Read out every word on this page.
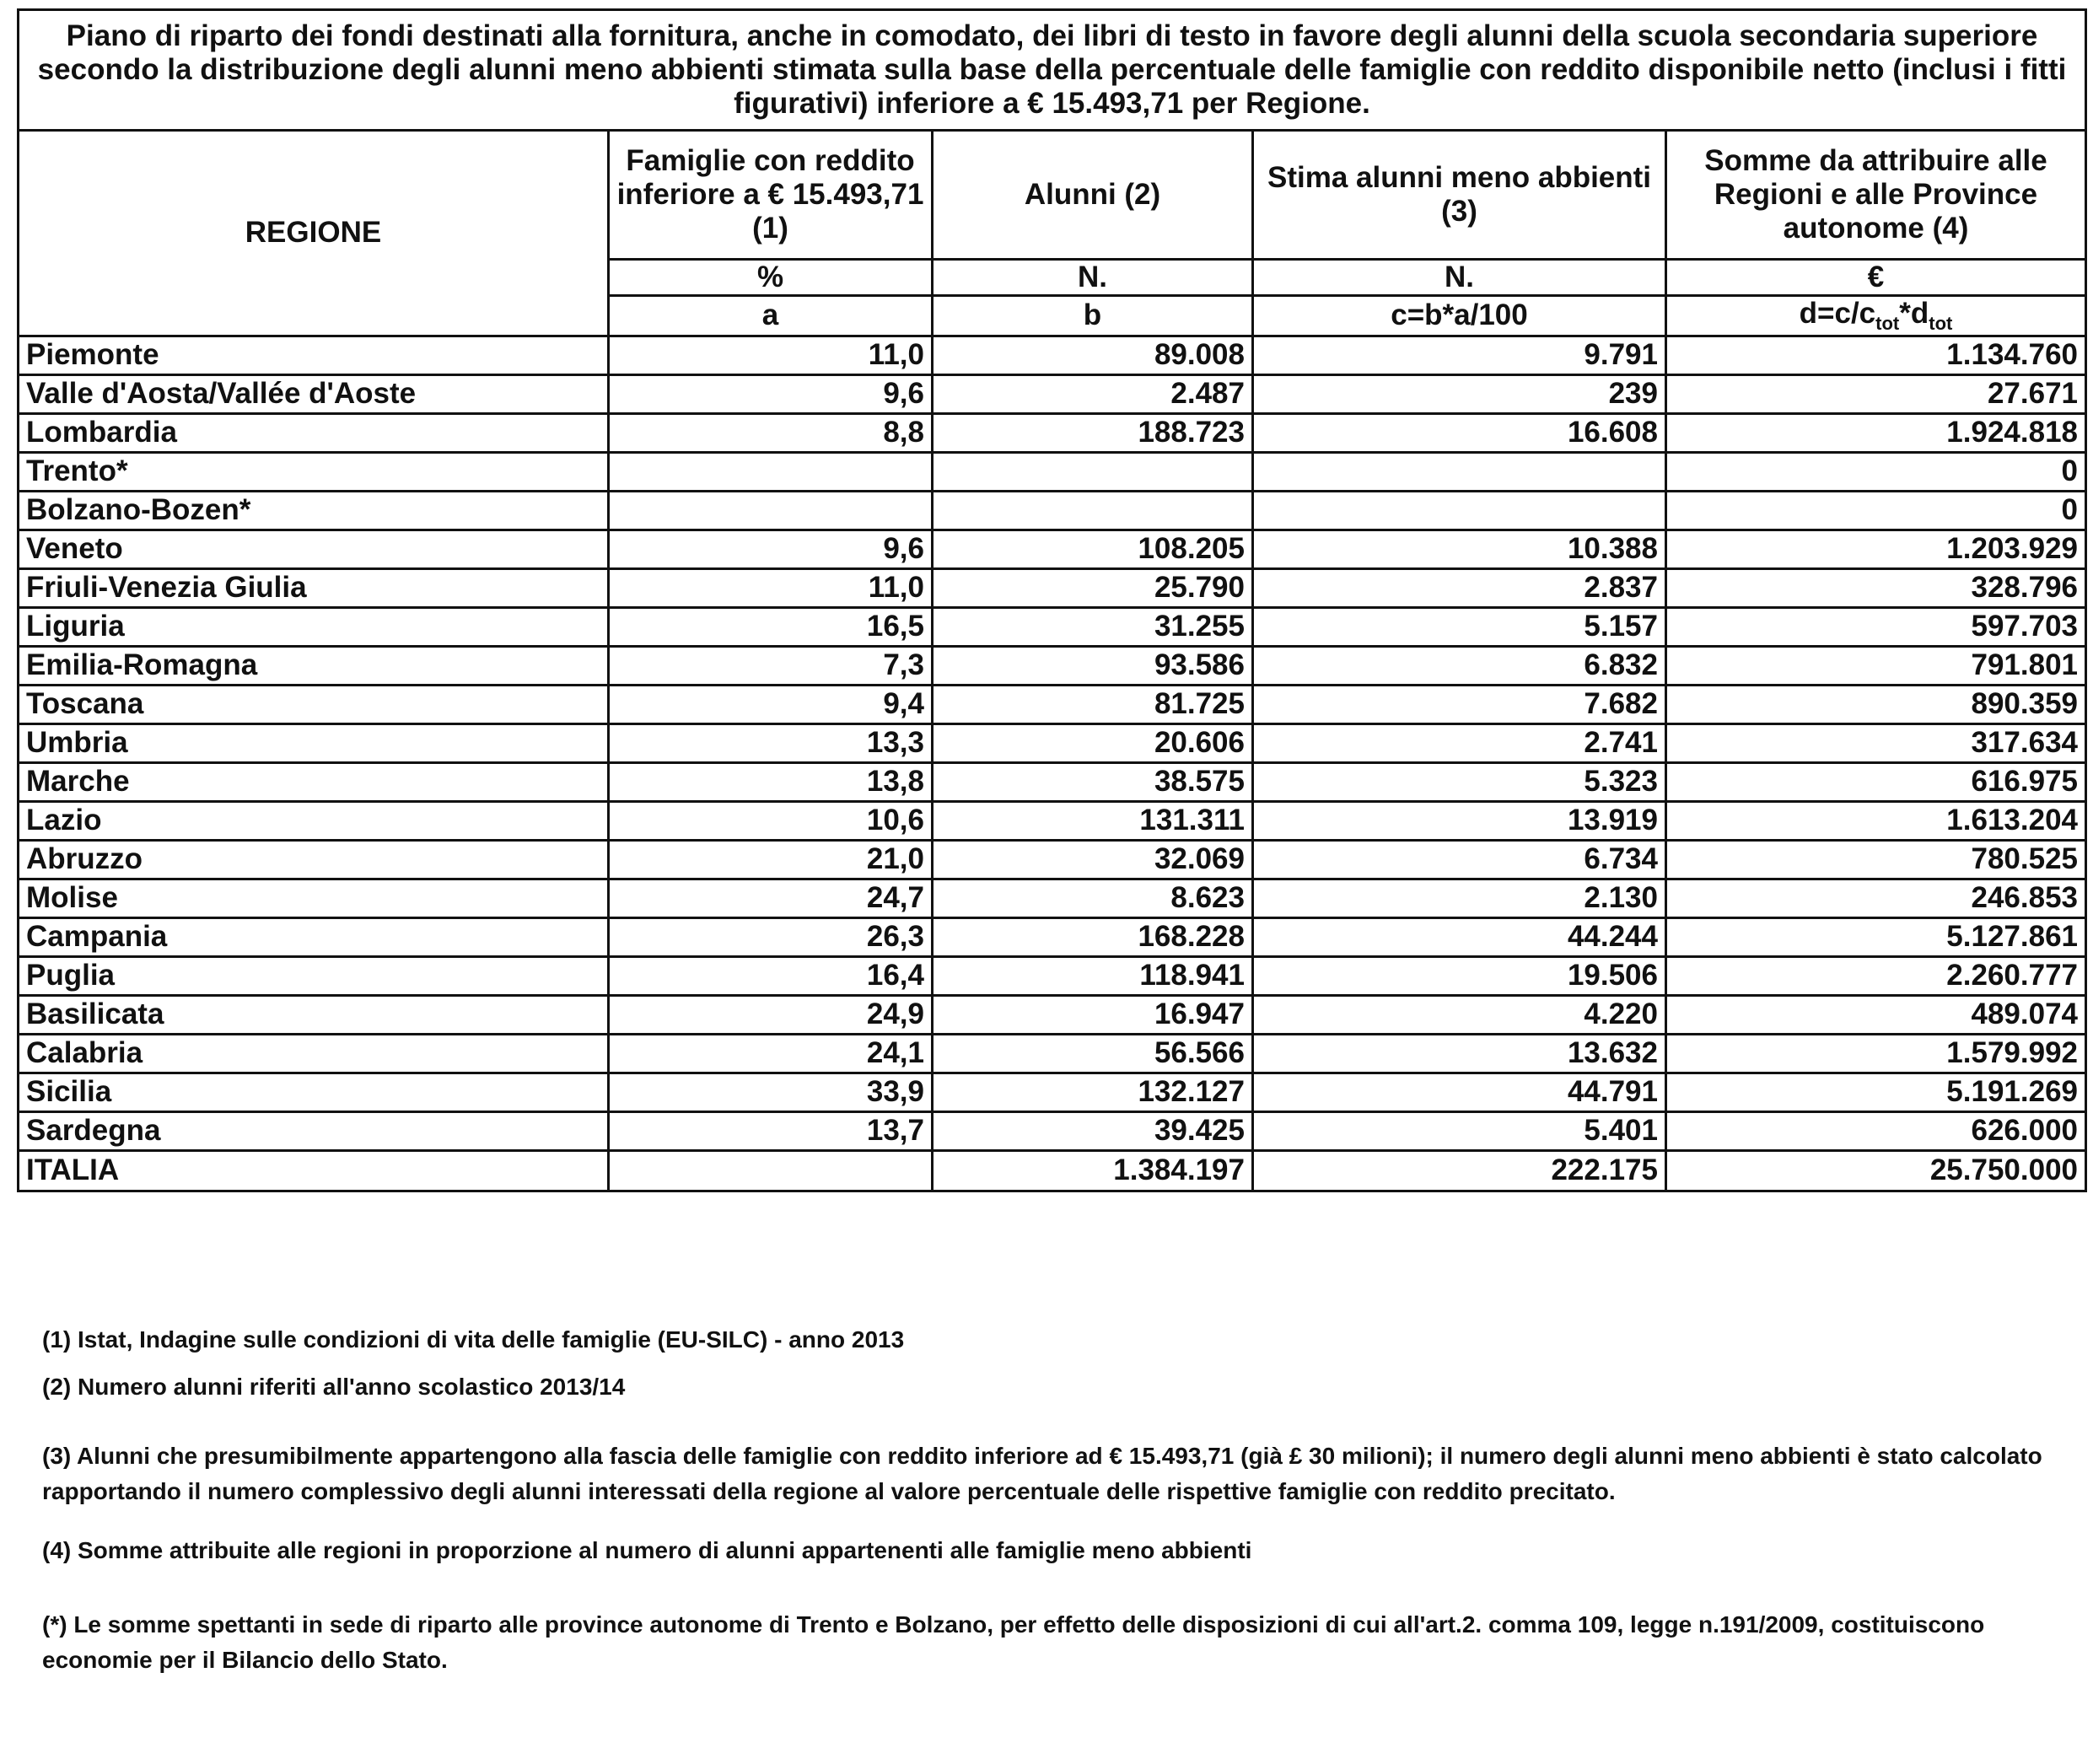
Piano di riparto dei fondi destinati alla fornitura, anche in comodato, dei libri di testo in favore degli alunni della scuola secondaria superiore secondo la distribuzione degli alunni meno abbienti stimata sulla base della percentuale delle famiglie con reddito disponibile netto (inclusi i fitti figurativi) inferiore a € 15.493,71 per Regione.				
REGIONE	Famiglie con reddito inferiore a € 15.493,71 (1)	Alunni (2)	Stima alunni meno abbienti (3)	Somme da attribuire alle Regioni e alle Province autonome (4)
	%	N.	N.	€
	a	b	c=b*a/100	$d=c/c_{tot}*d_{tot}$
Piemonte	11,0	89.008	9.791	1.134.760
Valle d'Aosta/Vallée d'Aoste	9,6	2.487	239	27.671
Lombardia	8,8	188.723	16.608	1.924.818
Trento*				0
Bolzano-Bozen*				0
Veneto	9,6	108.205	10.388	1.203.929
Friuli-Venezia Giulia	11,0	25.790	2.837	328.796
Liguria	16,5	31.255	5.157	597.703
Emilia-Romagna	7,3	93.586	6.832	791.801
Toscana	9,4	81.725	7.682	890.359
Umbria	13,3	20.606	2.741	317.634
Marche	13,8	38.575	5.323	616.975
Lazio	10,6	131.311	13.919	1.613.204
Abruzzo	21,0	32.069	6.734	780.525
Molise	24,7	8.623	2.130	246.853
Campania	26,3	168.228	44.244	5.127.861
Puglia	16,4	118.941	19.506	2.260.777
Basilicata	24,9	16.947	4.220	489.074
Calabria	24,1	56.566	13.632	1.579.992
Sicilia	33,9	132.127	44.791	5.191.269
Sardegna	13,7	39.425	5.401	626.000
ITALIA		1.384.197	222.175	25.750.000
(1) Istat, Indagine sulle condizioni di vita delle famiglie (EU-SILC) - anno 2013
(2) Numero alunni riferiti all'anno scolastico 2013/14
(3) Alunni che presumibilmente appartengono alla fascia delle famiglie con reddito inferiore ad € 15.493,71 (già £ 30 milioni); il numero degli alunni meno abbienti è stato calcolato rapportando il numero complessivo degli alunni interessati della regione al valore percentuale delle rispettive famiglie con reddito precitato.
(4) Somme attribuite alle regioni in proporzione al numero di alunni appartenenti alle famiglie meno abbienti
(*) Le somme spettanti in sede di riparto alle province autonome di Trento e Bolzano, per effetto delle disposizioni di cui all'art.2. comma 109, legge n.191/2009, costituiscono economie per il Bilancio dello Stato.
